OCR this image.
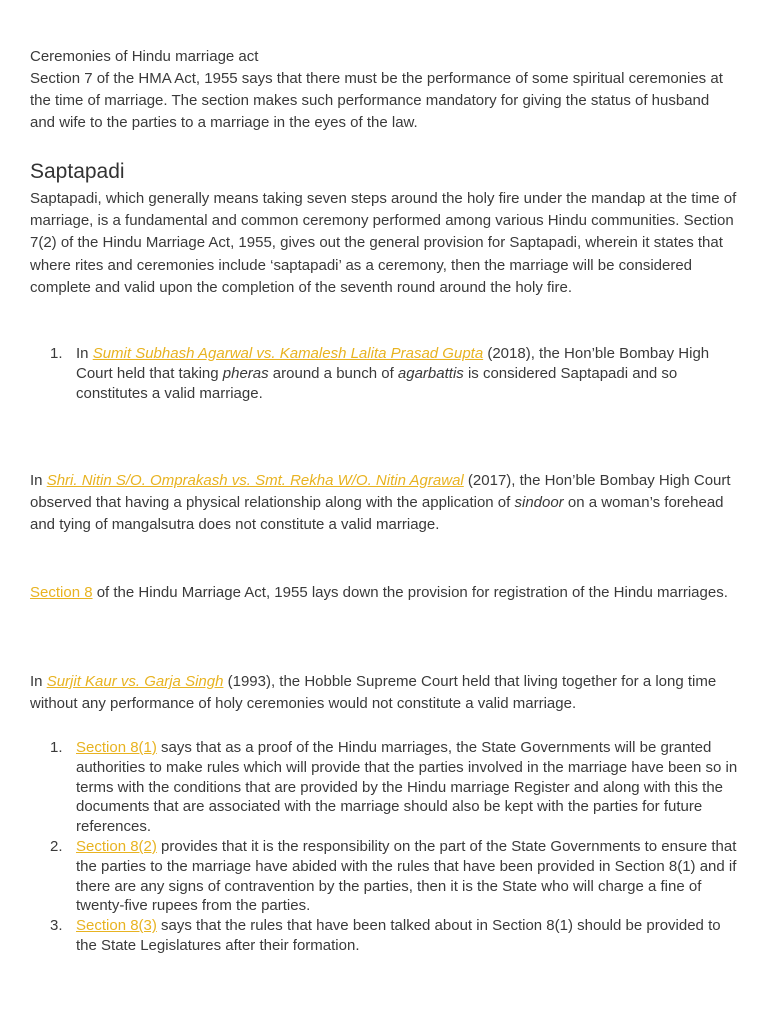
Ceremonies of Hindu marriage act

Section 7 of the HMA Act, 1955 says that there must be the performance of some spiritual ceremonies at the time of marriage. The section makes such performance mandatory for giving the status of husband and wife to the parties to a marriage in the eyes of the law.

Saptapadi

Saptapadi, which generally means taking seven steps around the holy fire under the mandap at the time of marriage, is a fundamental and common ceremony performed among various Hindu communities. Section 7(2) of the Hindu Marriage Act, 1955, gives out the general provision for Saptapadi, wherein it states that where rites and ceremonies include ‘saptapadi’ as a ceremony, then the marriage will be considered complete and valid upon the completion of the seventh round around the holy fire.

1. In Sumit Subhash Agarwal vs. Kamalesh Lalita Prasad Gupta (2018), the Hon’ble Bombay High Court held that taking pheras around a bunch of agarbattis is considered Saptapadi and so constitutes a valid marriage.

In Shri. Nitin S/O. Omprakash vs. Smt. Rekha W/O. Nitin Agrawal (2017), the Hon’ble Bombay High Court observed that having a physical relationship along with the application of sindoor on a woman’s forehead and tying of mangalsutra does not constitute a valid marriage.

Section 8 of the Hindu Marriage Act, 1955 lays down the provision for registration of the Hindu marriages.

In Surjit Kaur vs. Garja Singh (1993), the Hobble Supreme Court held that living together for a long time without any performance of holy ceremonies would not constitute a valid marriage.

1. Section 8(1) says that as a proof of the Hindu marriages, the State Governments will be granted authorities to make rules which will provide that the parties involved in the marriage have been so in terms with the conditions that are provided by the Hindu marriage Register and along with this the documents that are associated with the marriage should also be kept with the parties for future references.
2. Section 8(2) provides that it is the responsibility on the part of the State Governments to ensure that the parties to the marriage have abided with the rules that have been provided in Section 8(1) and if there are any signs of contravention by the parties, then it is the State who will charge a fine of twenty-five rupees from the parties.
3. Section 8(3) says that the rules that have been talked about in Section 8(1) should be provided to the State Legislatures after their formation.
